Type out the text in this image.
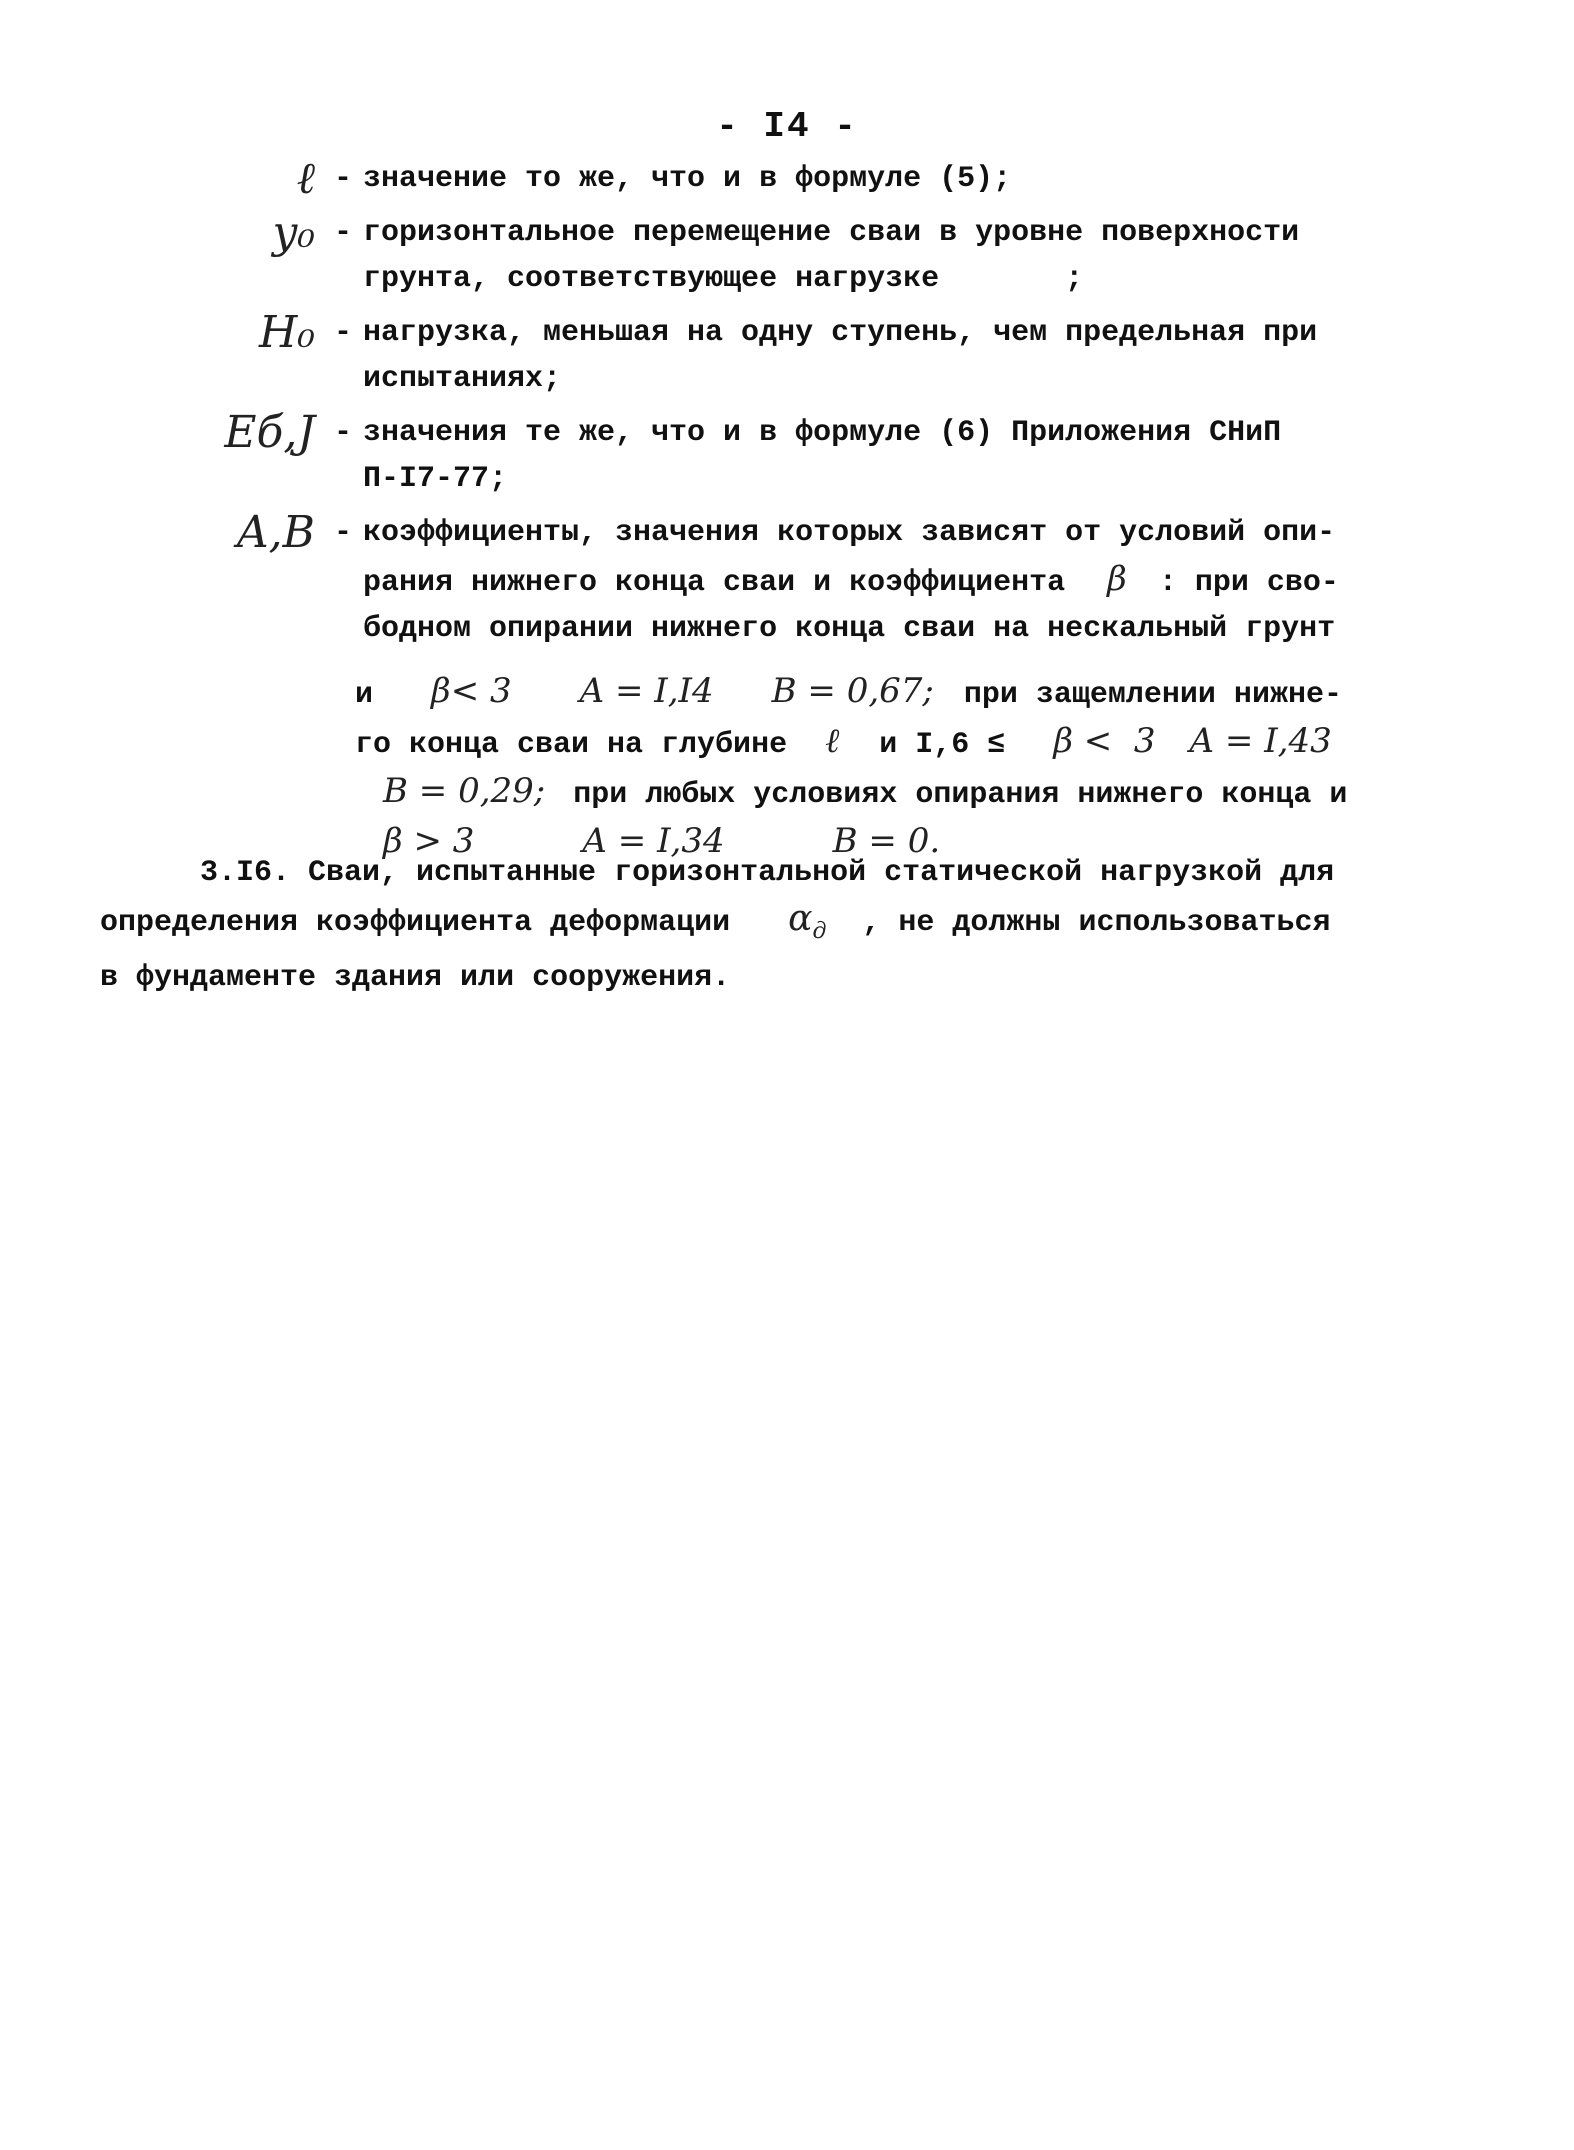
- I4 -
ℓ - значение то же, что и в формуле (5);
y₀ - горизонтальное перемещение сваи в уровне поверхности
грунта, соответствующее нагрузке       ;
H₀ - нагрузка, меньшая на одну ступень, чем предельная при
испытаниях;
Eб,J - значения те же, что и в формуле (6) Приложения СНиП
П-I7-77;
A,B - коэффициенты, значения которых зависят от условий опи-
рания нижнего конца сваи и коэффициента β : при сво-
бодном опирании нижнего конца сваи на нескальный грунт
и β< 3 A = I,I4 B = 0,67; при защемлении нижне-
го конца сваи на глубине ℓ и I,6 ≤ β <  3 A = I,43
B = 0,29; при любых условиях опирания нижнего конца и
β > 3	A = I,34	B = 0.
3.I6. Сваи, испытанные горизонтальной статической нагрузкой для
определения коэффициента деформации $\alpha_д$ , не должны использоваться
в фундаменте здания или сооружения.
